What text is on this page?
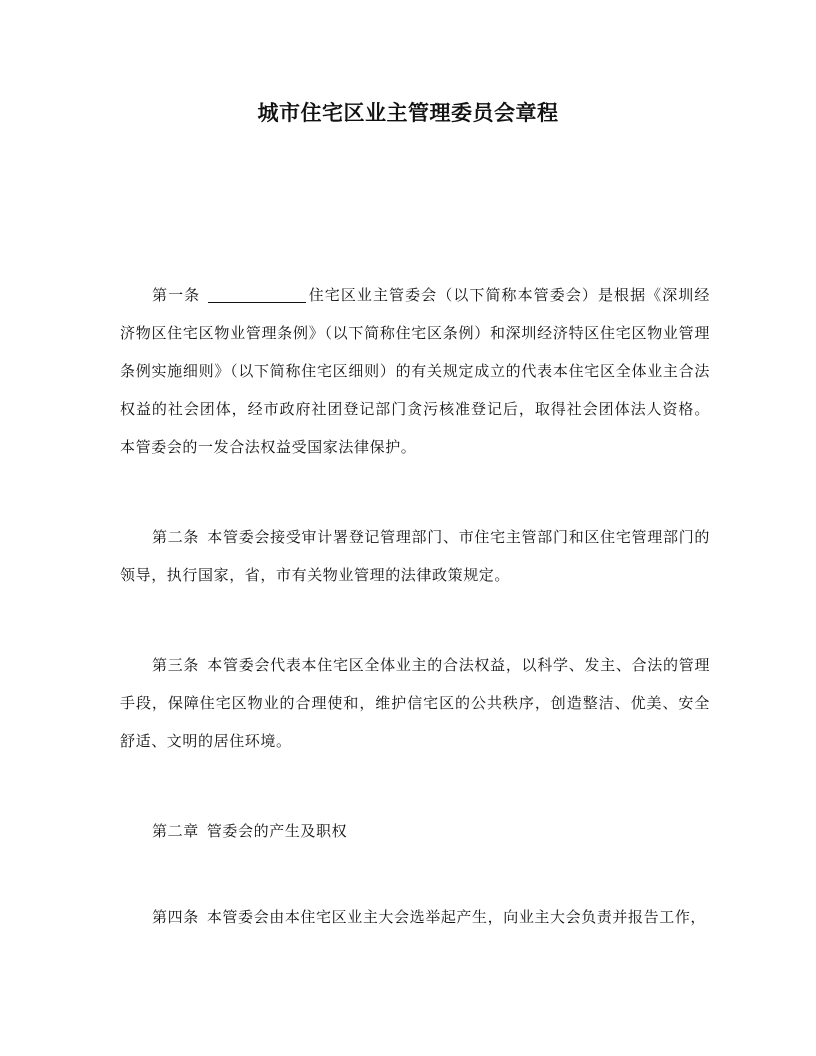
城市住宅区业主管理委员会章程
第一条	住宅区业主管委会（以下简称本管委会）是根据《深圳经济物区住宅区物业管理条例》（以下简称住宅区条例）和深圳经济特区住宅区物业管理条例实施细则》（以下简称住宅区细则）的有关规定成立的代表本住宅区全体业主合法权益的社会团体，经市政府社团登记部门贪污核准登记后，取得社会团体法人资格。本管委会的一发合法权益受国家法律保护。
第二条 本管委会接受审计署登记管理部门、市住宅主管部门和区住宅管理部门的领导，执行国家，省，市有关物业管理的法律政策规定。
第三条 本管委会代表本住宅区全体业主的合法权益，以科学、发主、合法的管理手段，保障住宅区物业的合理使和，维护信宅区的公共秩序，创造整洁、优美、安全舒适、文明的居住环境。
第二章 管委会的产生及职权
第四条 本管委会由本住宅区业主大会选举起产生，向业主大会负责并报告工作，
